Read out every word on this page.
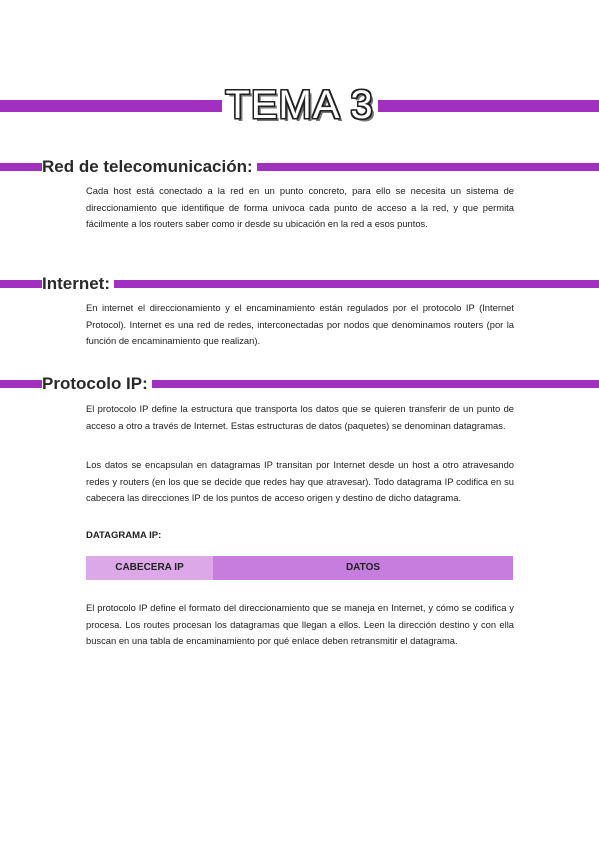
TEMA 3
Red de telecomunicación:

Cada host está conectado a la red en un punto concreto, para ello se necesita un sistema de direccionamiento que identifique de forma univoca cada punto de acceso a la red, y que permita fácilmente a los routers saber como ir desde su ubicación en la red a esos puntos.

Internet:

En internet el direccionamiento y el encaminamiento están regulados por el protocolo IP (Internet Protocol). Internet es una red de redes, interconectadas por nodos que denominamos routers (por la función de encaminamiento que realizan).

Protocolo IP:

El protocolo IP define la estructura que transporta los datos que se quieren transferir de un punto de acceso a otro a través de Internet. Estas estructuras de datos (paquetes) se denominan datagramas.

Los datos se encapsulan en datagramas IP transitan por Internet desde un host a otro atravesando redes y routers (en los que se decide que redes hay que atravesar). Todo datagrama IP codifica en su cabecera las direcciones IP de los puntos de acceso origen y destino de dicho datagrama.

DATAGRAMA IP:
CABECERA IP	DATOS

El protocolo IP define el formato del direccionamiento que se maneja en Internet, y cómo se codifica y procesa. Los routes procesan los datagramas que llegan a ellos. Leen la dirección destino y con ella buscan en una tabla de encaminamiento por qué enlace deben retransmitir el datagrama.
